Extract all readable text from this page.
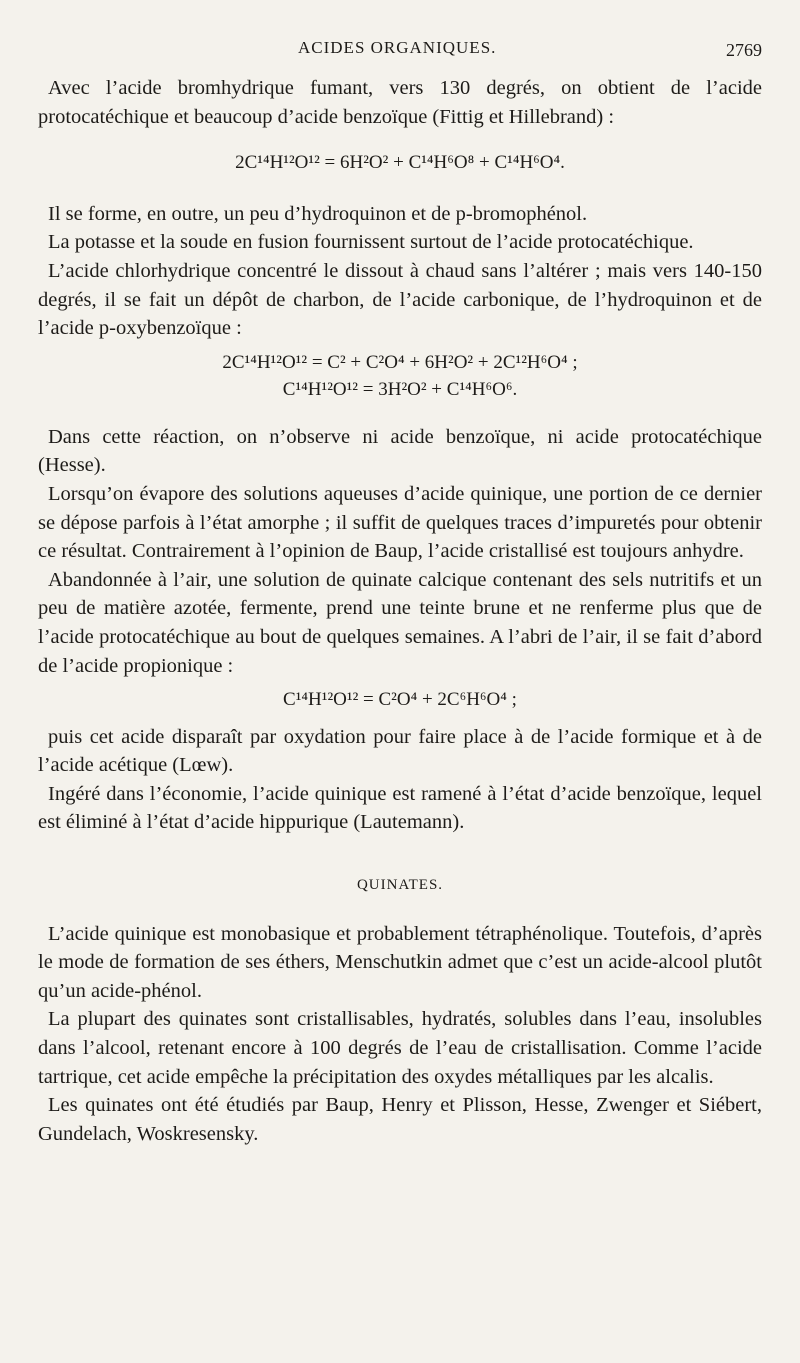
ACIDES ORGANIQUES.	2769

Avec l’acide bromhydrique fumant, vers 130 degrés, on obtient de l’acide protocatéchique et beaucoup d’acide benzoïque (Fittig et Hillebrand) :

2C¹⁴H¹²O¹² = 6H²O² + C¹⁴H⁶O⁸ + C¹⁴H⁶O⁴.

Il se forme, en outre, un peu d’hydroquinon et de p-bromophénol.

La potasse et la soude en fusion fournissent surtout de l’acide protocatéchique.

L’acide chlorhydrique concentré le dissout à chaud sans l’altérer ; mais vers 140-150 degrés, il se fait un dépôt de charbon, de l’acide carbonique, de l’hydroquinon et de l’acide p-oxybenzoïque :

2C¹⁴H¹²O¹² = C² + C²O⁴ + 6H²O² + 2C¹²H⁶O⁴ ;

C¹⁴H¹²O¹² = 3H²O² + C¹⁴H⁶O⁶.

Dans cette réaction, on n’observe ni acide benzoïque, ni acide protocatéchique (Hesse).

Lorsqu’on évapore des solutions aqueuses d’acide quinique, une portion de ce dernier se dépose parfois à l’état amorphe ; il suffit de quelques traces d’impuretés pour obtenir ce résultat. Contrairement à l’opinion de Baup, l’acide cristallisé est toujours anhydre.

Abandonnée à l’air, une solution de quinate calcique contenant des sels nutritifs et un peu de matière azotée, fermente, prend une teinte brune et ne renferme plus que de l’acide protocatéchique au bout de quelques semaines. A l’abri de l’air, il se fait d’abord de l’acide propionique :

C¹⁴H¹²O¹² = C²O⁴ + 2C⁶H⁶O⁴ ;

puis cet acide disparaît par oxydation pour faire place à de l’acide formique et à de l’acide acétique (Lœw).

Ingéré dans l’économie, l’acide quinique est ramené à l’état d’acide benzoïque, lequel est éliminé à l’état d’acide hippurique (Lautemann).

QUINATES.

L’acide quinique est monobasique et probablement tétraphénolique. Toutefois, d’après le mode de formation de ses éthers, Menschutkin admet que c’est un acide-alcool plutôt qu’un acide-phénol.

La plupart des quinates sont cristallisables, hydratés, solubles dans l’eau, insolubles dans l’alcool, retenant encore à 100 degrés de l’eau de cristallisation. Comme l’acide tartrique, cet acide empêche la précipitation des oxydes métalliques par les alcalis.

Les quinates ont été étudiés par Baup, Henry et Plisson, Hesse, Zwenger et Siébert, Gundelach, Woskresensky.
